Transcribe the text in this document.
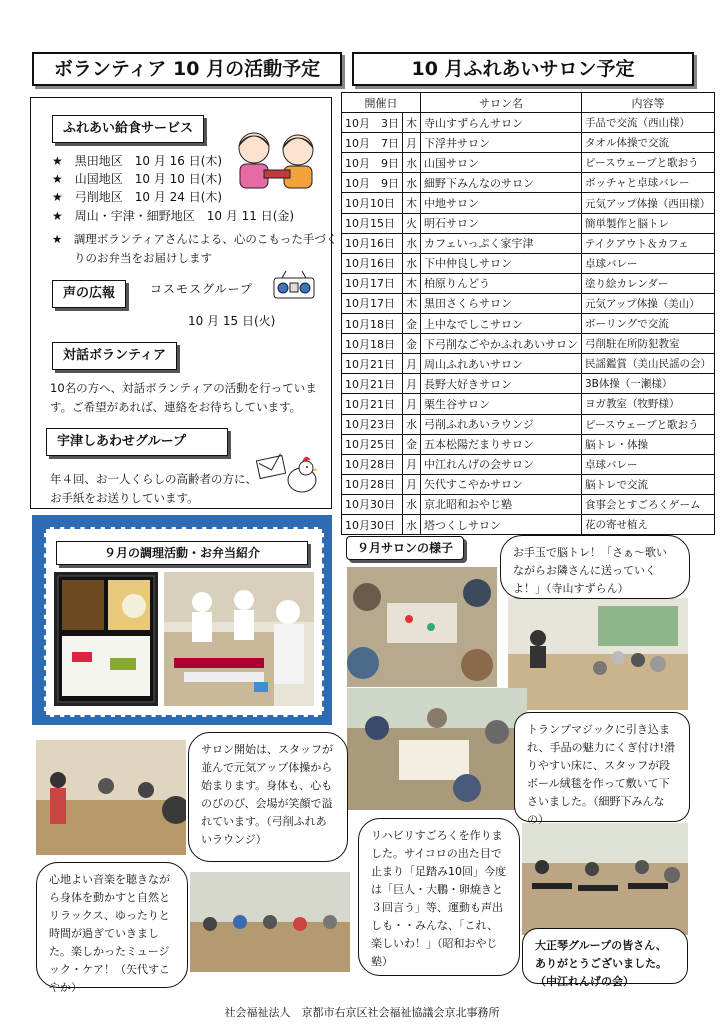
ボランティア 10 月の活動予定	10 月ふれあいサロン予定
ふれあい給食サービス
★　黒田地区　10 月 16 日(木)
★　山国地区　10 月 10 日(木)
★　弓削地区　10 月 24 日(木)
★　周山・宇津・細野地区　10 月 11 日(金)
★　調理ボランティアさんによる、心のこもった手づくりのお弁当をお届けします
声の広報	コスモスグループ
10 月 15 日(火)
対話ボランティア
10名の方へ、対話ボランティアの活動を行っています。ご希望があれば、連絡をお待ちしています。
宇津しあわせグループ
年４回、お一人くらしの高齢者の方に、お手紙をお送りしています。
開催日		サロン名	内容等
10月　3日	木	寺山すずらんサロン	手品で交流（西山様）
10月　7日	月	下浮井サロン	タオル体操で交流
10月　9日	水	山国サロン	ピースウェーブと歌おう
10月　9日	水	細野下みんなのサロン	ボッチャと卓球バレー
10月10日	木	中地サロン	元気アップ体操（西田様）
10月15日	火	明石サロン	簡単製作と脳トレ
10月16日	水	カフェいっぷく家宇津	テイクアウト＆カフェ
10月16日	水	下中仲良しサロン	卓球バレー
10月17日	木	柏原りんどう	塗り絵カレンダー
10月17日	木	黒田さくらサロン	元気アップ体操（美山）
10月18日	金	上中なでしこサロン	ボーリングで交流
10月18日	金	下弓削なごやかふれあいサロン	弓削駐在所防犯教室
10月21日	月	周山ふれあいサロン	民謡鑑賞（美山民謡の会）
10月21日	月	長野大好きサロン	3B体操（一瀬様）
10月21日	月	栗生谷サロン	ヨガ教室（牧野様）
10月23日	水	弓削ふれあいラウンジ	ピースウェーブと歌おう
10月25日	金	五本松陽だまりサロン	脳トレ・体操
10月28日	月	中江れんげの会サロン	卓球バレー
10月28日	月	矢代すこやかサロン	脳トレで交流
10月30日	水	京北昭和おやじ塾	食事会とすごろくゲーム
10月30日	水	塔つくしサロン	花の寄せ植え
９月の調理活動・お弁当紹介	９月サロンの様子	お手玉で脳トレ！「さぁ～歌いながらお隣さんに送っていくよ！」（寺山すずらん）
トランプマジックに引き込まれ、手品の魅力にくぎ付け!滑りやすい床に、スタッフが段ボール絨毯を作って敷いて下さいました。（細野下みんなの）
サロン開始は、スタッフが並んで元気アップ体操から始まります。身体も、心ものびのび、会場が笑顔で溢れています。（弓削ふれあいラウンジ）	リハビリすごろくを作りました。サイコロの出た目で止まり「足踏み10回」今度は「巨人・大鵬・卵焼きと３回言う」等、運動も声出しも・・みんな、「これ、楽しいわ！」（昭和おやじ塾）
心地よい音楽を聴きながら身体を動かすと自然とリラックス、ゆったりと時間が過ぎていきました。楽しかったミュージック・ケア！（矢代すこやか）
大正琴グループの皆さん、ありがとうございました。（中江れんげの会）
社会福祉法人　京都市右京区社会福祉協議会京北事務所
